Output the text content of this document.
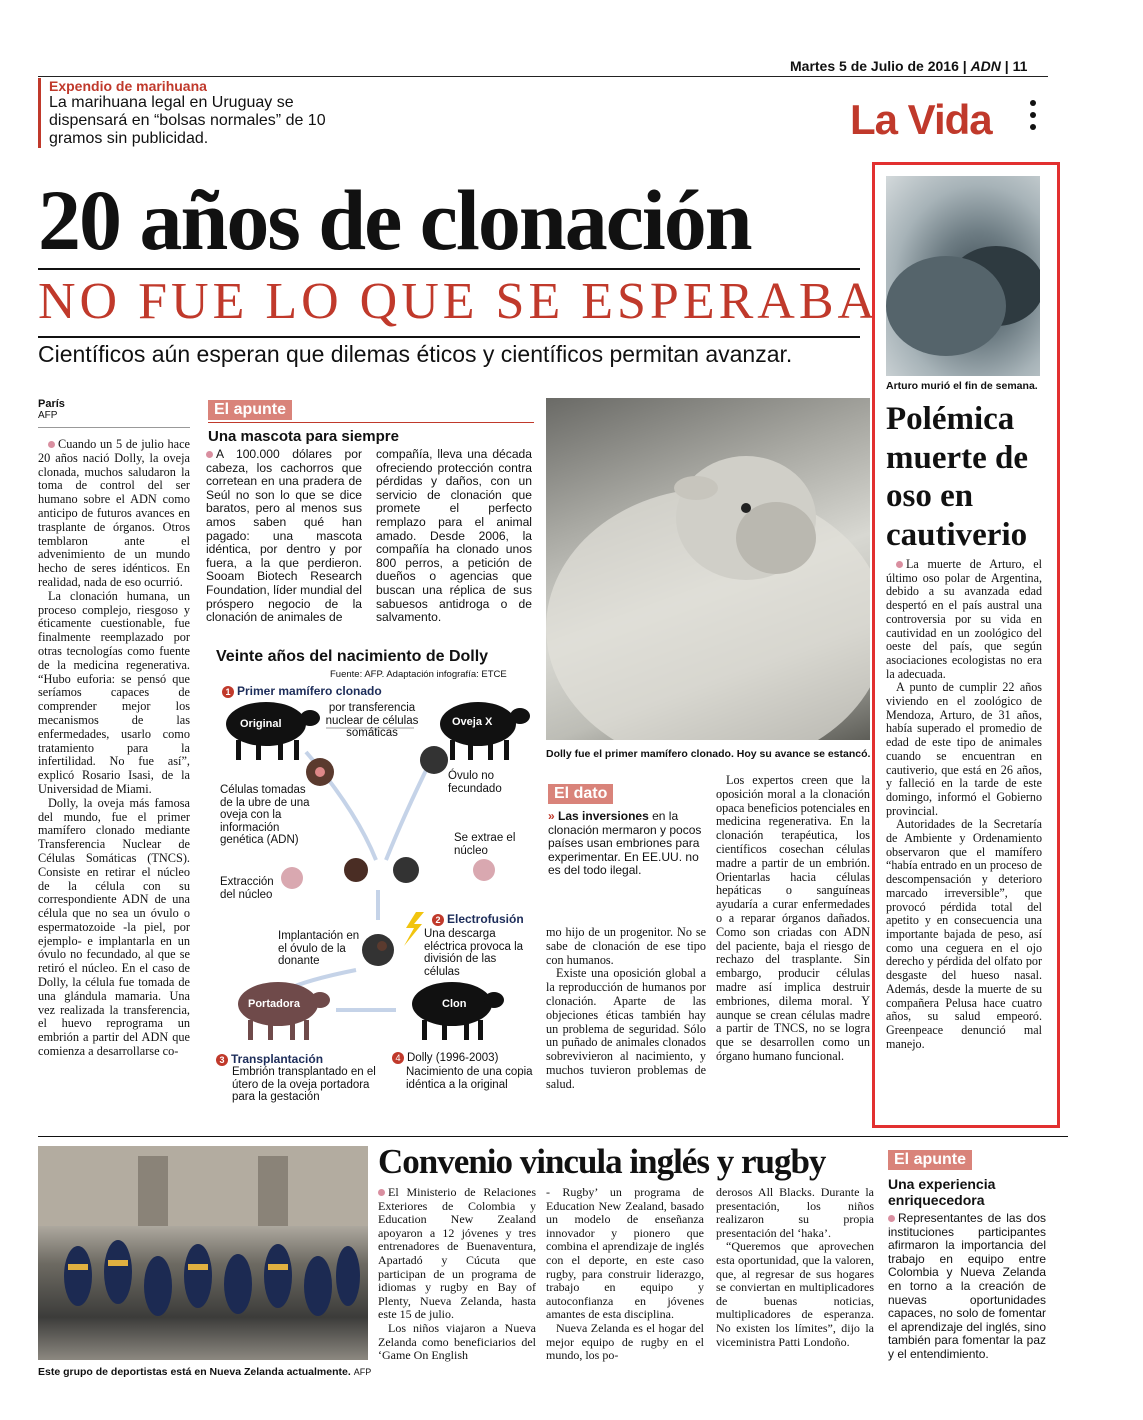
Martes 5 de Julio de 2016 | ADN | 11
Expendio de marihuana
La marihuana legal en Uruguay se dispensará en “bolsas normales” de 10 gramos sin publicidad.	La Vida
20 años de clonación
NO FUE LO QUE SE ESPERABA
Científicos aún esperan que dilemas éticos y científicos permitan avanzar.
París
AFP

Cuando un 5 de julio hace 20 años nació Dolly, la oveja clonada, muchos saludaron la toma de control del ser humano sobre el ADN como anticipo de futuros avances en trasplante de órganos. Otros temblaron ante el advenimiento de un mundo hecho de seres idénticos. En realidad, nada de eso ocurrió.

La clonación humana, un proceso complejo, riesgoso y éticamente cuestionable, fue finalmente reemplazado por otras tecnologías como fuente de la medicina regenerativa. “Hubo euforia: se pensó que seríamos capaces de comprender mejor los mecanismos de las enfermedades, usarlo como tratamiento para la infertilidad. No fue así”, explicó Rosario Isasi, de la Universidad de Miami.

Dolly, la oveja más famosa del mundo, fue el primer mamífero clonado mediante Transferencia Nuclear de Células Somáticas (TNCS). Consiste en retirar el núcleo de la célula con su correspondiente ADN de una célula que no sea un óvulo o espermatozoide -la piel, por ejemplo- e implantarla en un óvulo no fecundado, al que se retiró el núcleo. En el caso de Dolly, la célula fue tomada de una glándula mamaria. Una vez realizada la transferencia, el huevo reprograma un embrión a partir del ADN que comienza a desarrollarse co-

El apunte
Una mascota para siempre
A 100.000 dólares por cabeza, los cachorros que corretean en una pradera de Seúl no son lo que se dice baratos, pero al menos sus amos saben qué han pagado: una mascota idéntica, por dentro y por fuera, a la que perdieron. Sooam Biotech Research Foundation, líder mundial del próspero negocio de la clonación de animales de
compañía, lleva una década ofreciendo protección contra pérdidas y daños, con un servicio de clonación que promete el perfecto remplazo para el animal amado. Desde 2006, la compañía ha clonado unos 800 perros, a petición de dueños o agencias que buscan una réplica de sus sabuesos antidroga o de salvamento.
Veinte años del nacimiento de Dolly
Fuente: AFP. Adaptación infografía: ETCE
1 Primer mamífero clonado
Original	Oveja X
por transferencia nuclear de células somáticas
Óvulo no fecundado
Células tomadas de la ubre de una oveja con la información genética (ADN)	Se extrae el núcleo
Extracción del núcleo
2 Electrofusión
Una descarga eléctrica provoca la división de las células
Implantación en el óvulo de la donante
Portadora	Clon
3 Transplantación
Embrión transplantado en el útero de la oveja portadora para la gestación
4 Dolly (1996-2003)
Nacimiento de una copia idéntica a la original
Dolly fue el primer mamífero clonado. Hoy su avance se estancó.
El dato
» Las inversiones en la clonación mermaron y pocos países usan embriones para experimentar. En EE.UU. no es del todo ilegal.

mo hijo de un progenitor. No se sabe de clonación de ese tipo con humanos.

Existe una oposición global a la reproducción de humanos por clonación. Aparte de las objeciones éticas también hay un problema de seguridad. Sólo un puñado de animales clonados sobrevivieron al nacimiento, y muchos tuvieron problemas de salud.

Los expertos creen que la oposición moral a la clonación opaca beneficios potenciales en medicina regenerativa. En la clonación terapéutica, los científicos cosechan células madre a partir de un embrión. Orientarlas hacia células hepáticas o sanguíneas ayudaría a curar enfermedades o a reparar órganos dañados. Como son criadas con ADN del paciente, baja el riesgo de rechazo del trasplante. Sin embargo, producir células madre así implica destruir embriones, dilema moral. Y aunque se crean células madre a partir de TNCS, no se logra que se desarrollen como un órgano humano funcional.

Arturo murió el fin de semana.
Polémica muerte de oso en cautiverio

La muerte de Arturo, el último oso polar de Argentina, debido a su avanzada edad despertó en el país austral una controversia por su vida en cautividad en un zoológico del oeste del país, que según asociaciones ecologistas no era la adecuada.

A punto de cumplir 22 años viviendo en el zoológico de Mendoza, Arturo, de 31 años, había superado el promedio de edad de este tipo de animales cuando se encuentran en cautiverio, que está en 26 años, y falleció en la tarde de este domingo, informó el Gobierno provincial.

Autoridades de la Secretaría de Ambiente y Ordenamiento observaron que el mamífero “había entrado en un proceso de descompensación y deterioro marcado irreversible”, que provocó pérdida total del apetito y en consecuencia una importante bajada de peso, así como una ceguera en el ojo derecho y pérdida del olfato por desgaste del hueso nasal. Además, desde la muerte de su compañera Pelusa hace cuatro años, su salud empeoró. Greenpeace denunció mal manejo.

Este grupo de deportistas está en Nueva Zelanda actualmente. AFP
Convenio vincula inglés y rugby

El Ministerio de Relaciones Exteriores de Colombia y Education New Zealand apoyaron a 12 jóvenes y tres entrenadores de Buenaventura, Apartadó y Cúcuta que participan de un programa de idiomas y rugby en Bay of Plenty, Nueva Zelanda, hasta este 15 de julio.

Los niños viajaron a Nueva Zelanda como beneficiarios del ‘Game On English

- Rugby’ un programa de Education New Zealand, basado un modelo de enseñanza innovador y pionero que combina el aprendizaje de inglés con el deporte, en este caso rugby, para construir liderazgo, trabajo en equipo y autoconfianza en jóvenes amantes de esta disciplina.

Nueva Zelanda es el hogar del mejor equipo de rugby en el mundo, los po-

derosos All Blacks. Durante la presentación, los niños realizaron su propia presentación del ‘haka’.

“Queremos que aprovechen esta oportunidad, que la valoren, que, al regresar de sus hogares se conviertan en multiplicadores de buenas noticias, multiplicadores de esperanza. No existen los límites”, dijo la viceministra Patti Londoño.

El apunte
Una experiencia enriquecedora
Representantes de las dos instituciones participantes afirmaron la importancia del trabajo en equipo entre Colombia y Nueva Zelanda en torno a la creación de nuevas oportunidades capaces, no solo de fomentar el aprendizaje del inglés, sino también para fomentar la paz y el entendimiento.
